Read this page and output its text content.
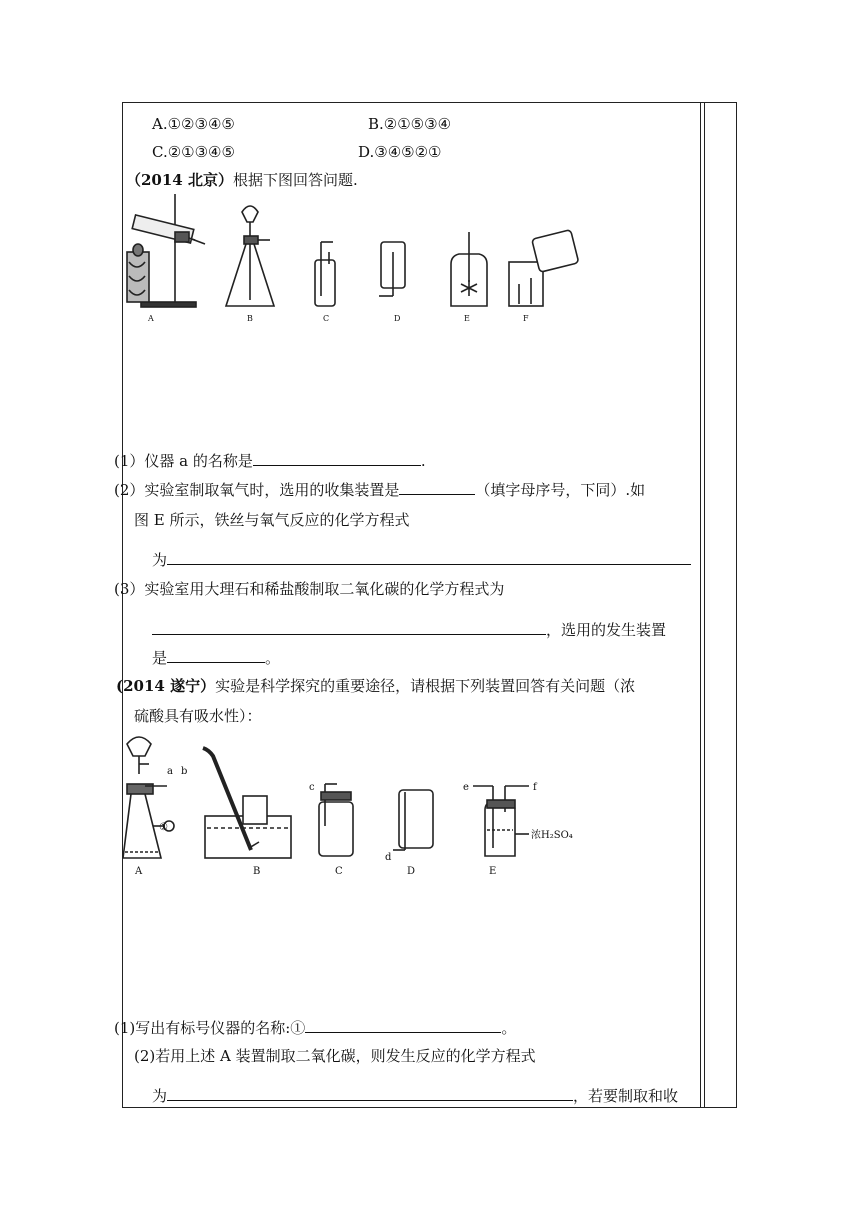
A.①②③④⑤	B.②①⑤③④
C.②①③④⑤	D.③④⑤②①
（2014 北京）根据下图回答问题.
A	B	C	D	E	F
(1）仪器 a 的名称是	.
(2）实验室制取氧气时，选用的收集装置是	（填字母序号，下同）.如
图 E 所示，铁丝与氧气反应的化学方程式
为
(3）实验室用大理石和稀盐酸制取二氧化碳的化学方程式为
，选用的发生装置
是	。
(2014 遂宁）实验是科学探究的重要途径，请根据下列装置回答有关问题（浓
硫酸具有吸水性）：
a b
c
d
e	f
①
浓H₂SO₄
A	B	C	D	E
(1)写出有标号仪器的名称:①	。
(2)若用上述 A 装置制取二氧化碳，则发生反应的化学方程式
为	，若要制取和收
